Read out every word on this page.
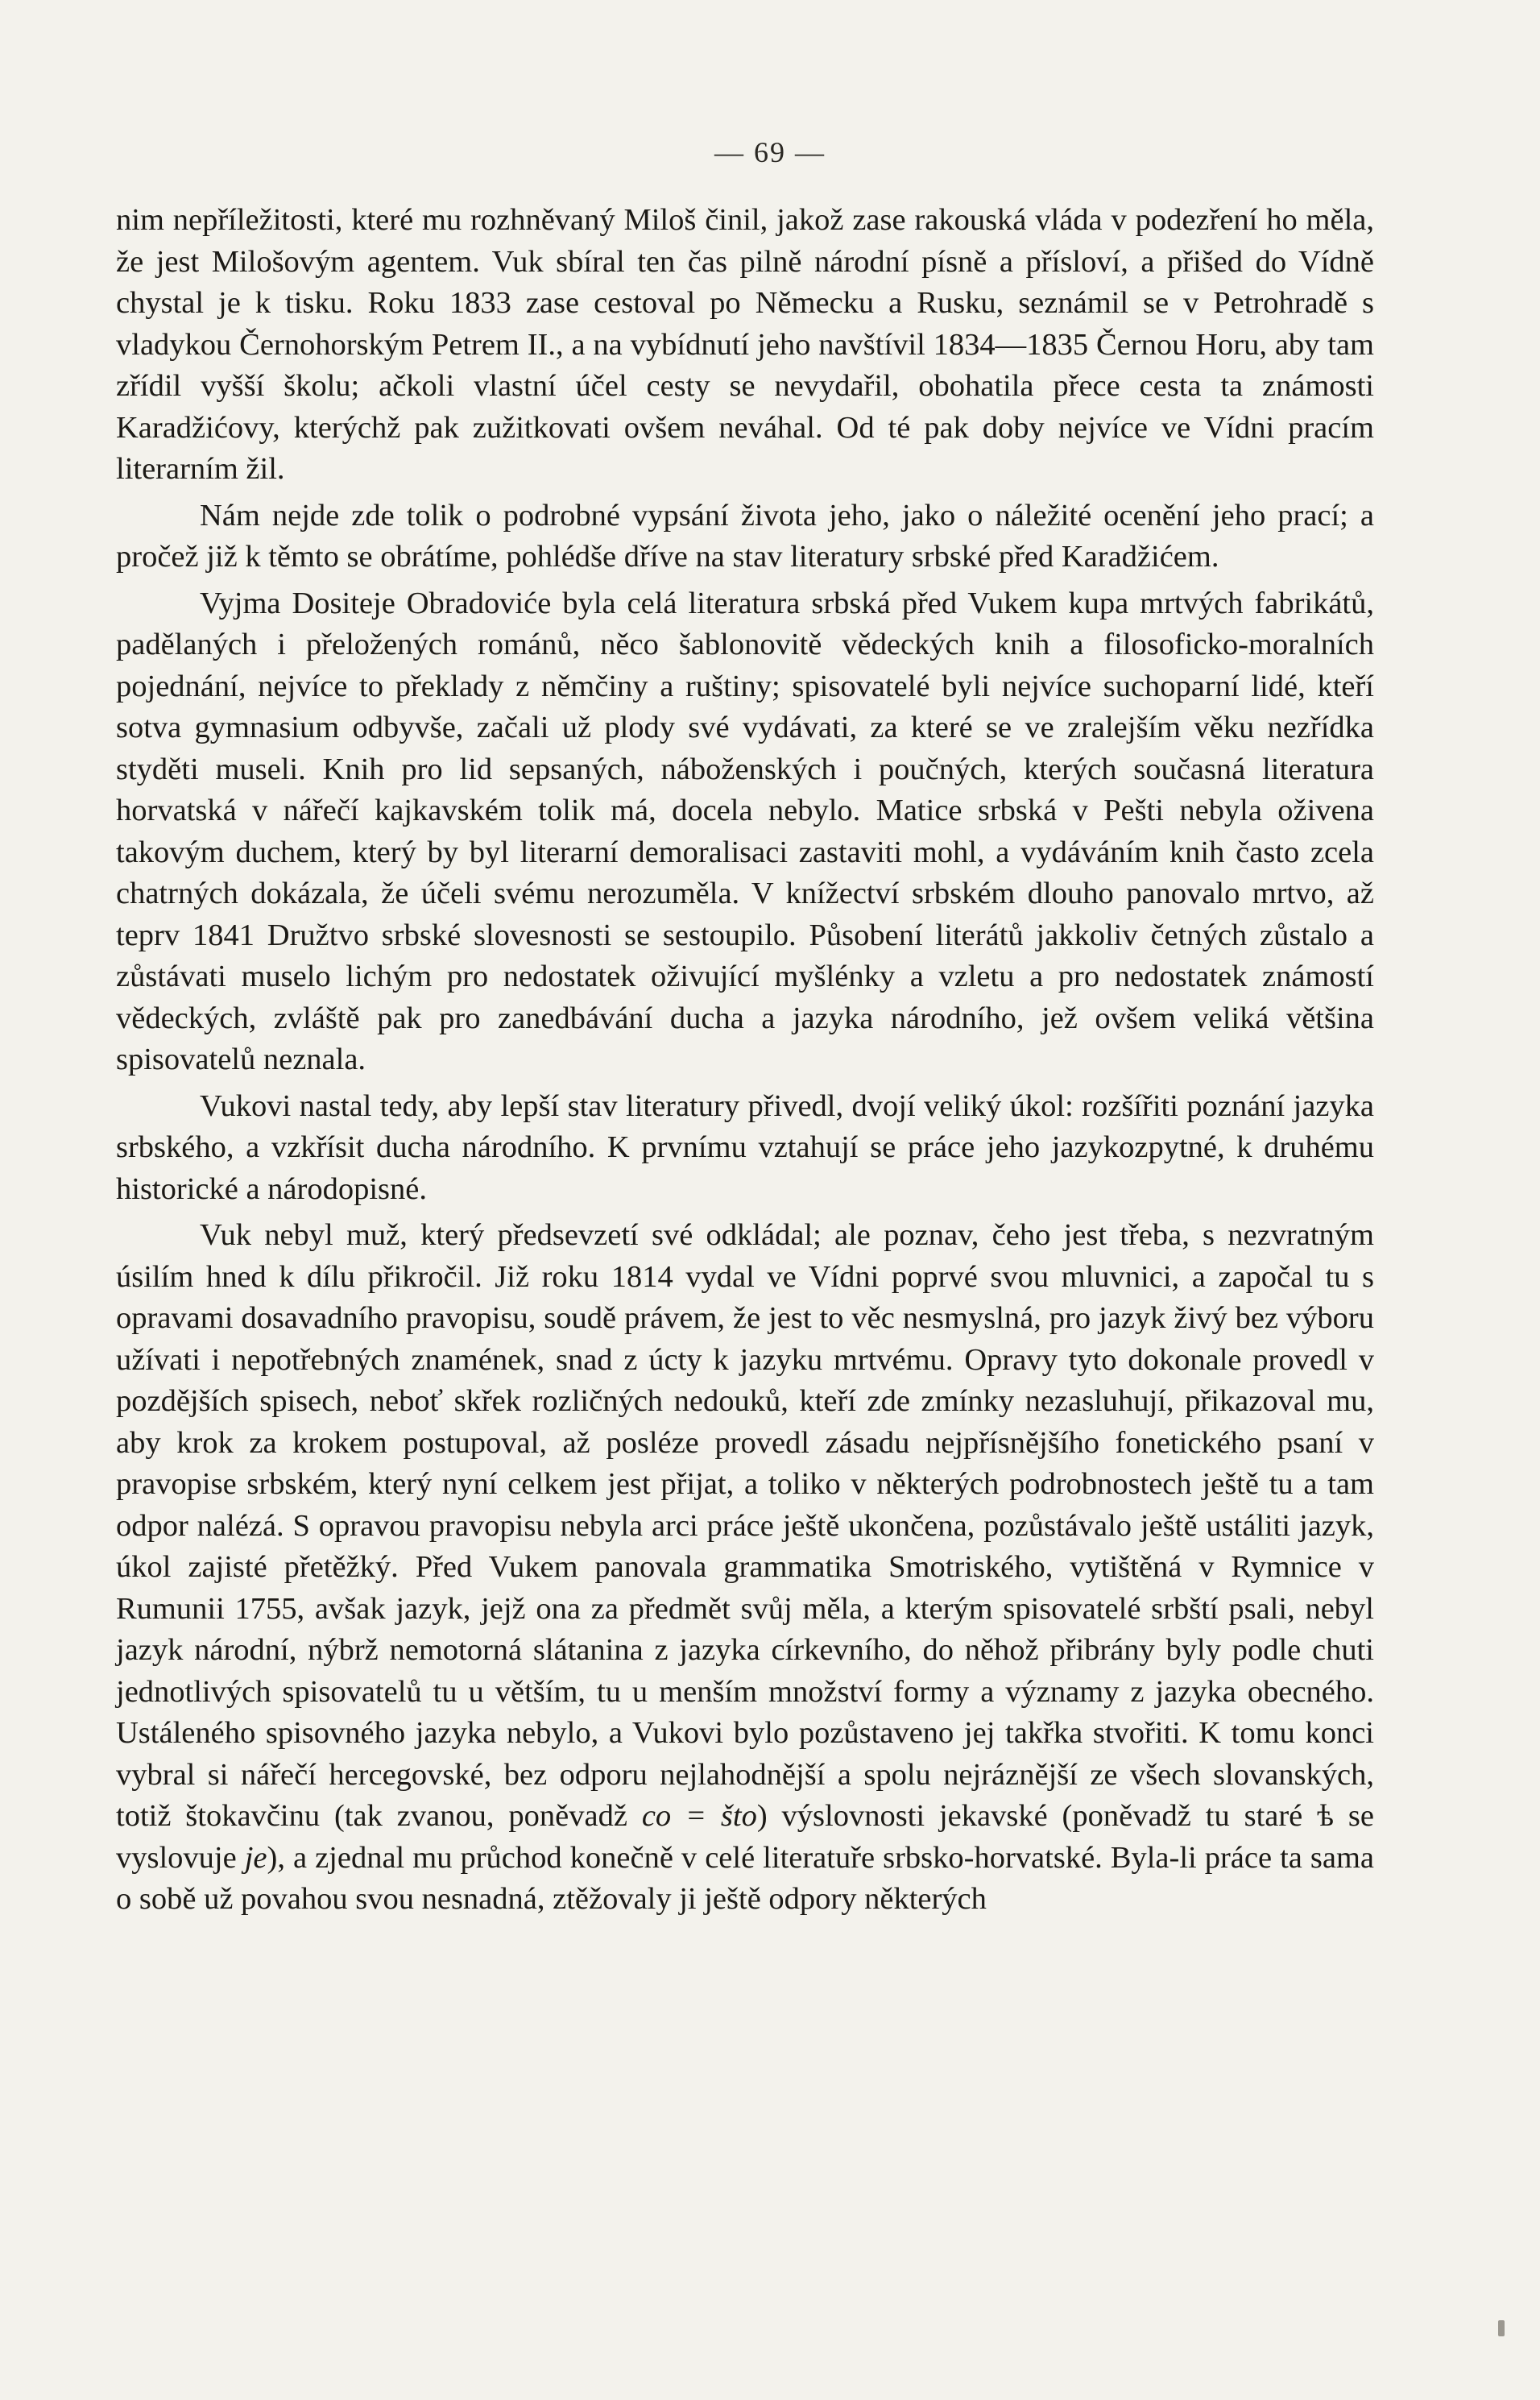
— 69 —

nim nepříležitosti, které mu rozhněvaný Miloš činil, jakož zase rakouská vláda v podezření ho měla, že jest Milošovým agentem. Vuk sbíral ten čas pilně národní písně a přísloví, a přišed do Vídně chystal je k tisku. Roku 1833 zase cestoval po Německu a Rusku, seznámil se v Petrohradě s vladykou Černohorským Petrem II., a na vybídnutí jeho navštívil 1834—1835 Černou Horu, aby tam zřídil vyšší školu; ačkoli vlastní účel cesty se nevydařil, obohatila přece cesta ta známosti Karadžićovy, kterýchž pak zužitkovati ovšem neváhal. Od té pak doby nejvíce ve Vídni pracím literarním žil.

Nám nejde zde tolik o podrobné vypsání života jeho, jako o náležité ocenění jeho prací; a pročež již k těmto se obrátíme, pohlédše dříve na stav literatury srbské před Karadžićem.

Vyjma Dositeje Obradoviće byla celá literatura srbská před Vukem kupa mrtvých fabrikátů, padělaných i přeložených románů, něco šablonovitě vědeckých knih a filosoficko-moralních pojednání, nejvíce to překlady z němčiny a ruštiny; spisovatelé byli nejvíce suchoparní lidé, kteří sotva gymnasium odbyvše, začali už plody své vydávati, za které se ve zralejším věku nezřídka styděti museli. Knih pro lid sepsaných, náboženských i poučných, kterých současná literatura horvatská v nářečí kajkavském tolik má, docela nebylo. Matice srbská v Pešti nebyla oživena takovým duchem, který by byl literarní demoralisaci zastaviti mohl, a vydáváním knih často zcela chatrných dokázala, že účeli svému nerozuměla. V knížectví srbském dlouho panovalo mrtvo, až teprv 1841 Družtvo srbské slovesnosti se sestoupilo. Působení literátů jakkoliv četných zůstalo a zůstávati muselo lichým pro nedostatek oživující myšlénky a vzletu a pro nedostatek známostí vědeckých, zvláště pak pro zanedbávání ducha a jazyka národního, jež ovšem veliká většina spisovatelů neznala.

Vukovi nastal tedy, aby lepší stav literatury přivedl, dvojí veliký úkol: rozšířiti poznání jazyka srbského, a vzkřísit ducha národního. K prvnímu vztahují se práce jeho jazykozpytné, k druhému historické a národopisné.

Vuk nebyl muž, který předsevzetí své odkládal; ale poznav, čeho jest třeba, s nezvratným úsilím hned k dílu přikročil. Již roku 1814 vydal ve Vídni poprvé svou mluvnici, a započal tu s opravami dosavadního pravopisu, soudě právem, že jest to věc nesmyslná, pro jazyk živý bez výboru užívati i nepotřebných znamének, snad z úcty k jazyku mrtvému. Opravy tyto dokonale provedl v pozdějších spisech, neboť skřek rozličných nedouků, kteří zde zmínky nezasluhují, přikazoval mu, aby krok za krokem postupoval, až posléze provedl zásadu nejpřísnějšího fonetického psaní v pravopise srbském, který nyní celkem jest přijat, a toliko v některých podrobnostech ještě tu a tam odpor nalézá. S opravou pravopisu nebyla arci práce ještě ukončena, pozůstávalo ještě ustáliti jazyk, úkol zajisté přetěžký. Před Vukem panovala grammatika Smotriského, vytištěná v Rymnice v Rumunii 1755, avšak jazyk, jejž ona za předmět svůj měla, a kterým spisovatelé srbští psali, nebyl jazyk národní, nýbrž nemotorná slátanina z jazyka církevního, do něhož přibrány byly podle chuti jednotlivých spisovatelů tu u větším, tu u menším množství formy a významy z jazyka obecného. Ustáleného spisovného jazyka nebylo, a Vukovi bylo pozůstaveno jej takřka stvořiti. K tomu konci vybral si nářečí hercegovské, bez odporu nejlahodnější a spolu nejrázněјší ze všech slovanských, totiž štokavčinu (tak zvanou, poněvadž co = što) výslovnosti jekavské (poněvadž tu staré ѣ se vyslovuje je), a zjednal mu průchod konečně v celé literatuře srbsko-horvatské. Byla-li práce ta sama o sobě už povahou svou nesnadná, ztěžovaly ji ještě odpory některých
